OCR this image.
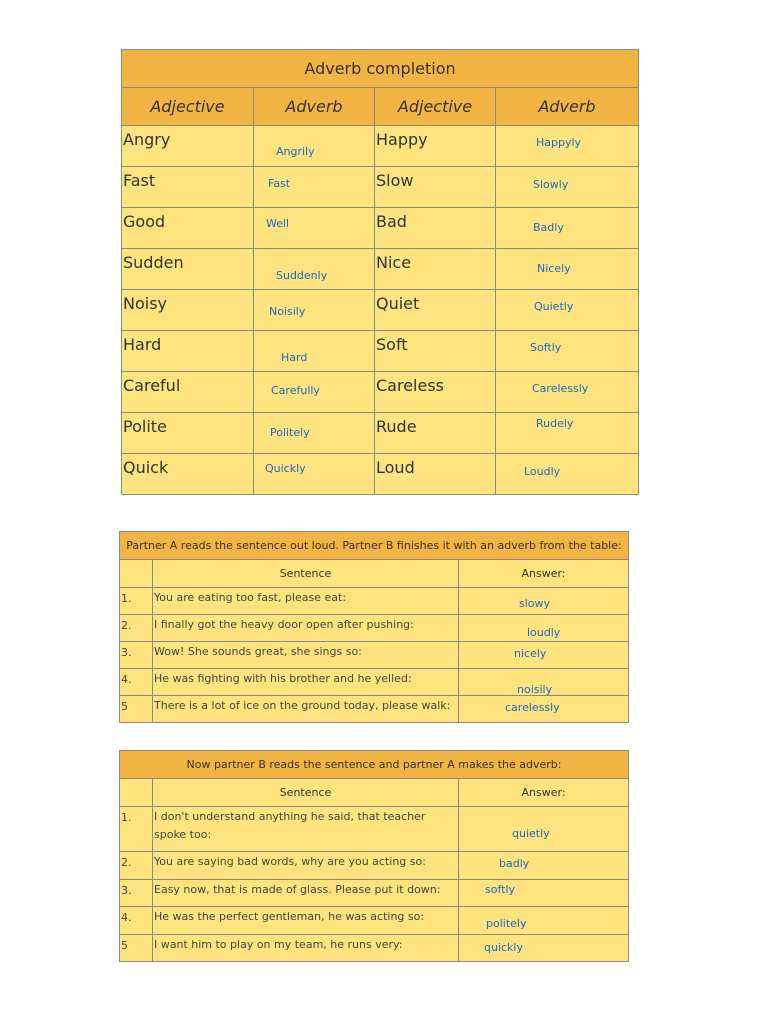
Adverb completion			
Adjective	Adverb	Adjective	Adverb
Angry	Angrily	Happy	Happyly

Fast	Fast	Slow	Slowly

Good	Well	Bad	Badly

Sudden	Suddenly	Nice	Nicely

Noisy	Noisily	Quiet	Quietly

Hard	Hard	Soft	Softly

Careful	Carefully	Careless	Carelessly

Polite	Politely	Rude	Rudely

Quick	Quickly	Loud	Loudly
Partner A reads the sentence out loud. Partner B finishes it with an adverb from the table:		
	Sentence	Answer:
1.	You are eating too fast, please eat:	slowy

2.	I finally got the heavy door open after pushing:	loudly

3.	Wow! She sounds great, she sings so:	nicely

4.	He was fighting with his brother and he yelled:	noisily

5	There is a lot of ice on the ground today, please walk:	carelessly
Now partner B reads the sentence and partner A makes the adverb:		
	Sentence	Answer:
1.	I don't understand anything he said, that teacher spoke too:	quietly

2.	You are saying bad words, why are you acting so:	badly

3.	Easy now, that is made of glass. Please put it down:	softly

4.	He was the perfect gentleman, he was acting so:	politely

5	I want him to play on my team, he runs very:	quickly
